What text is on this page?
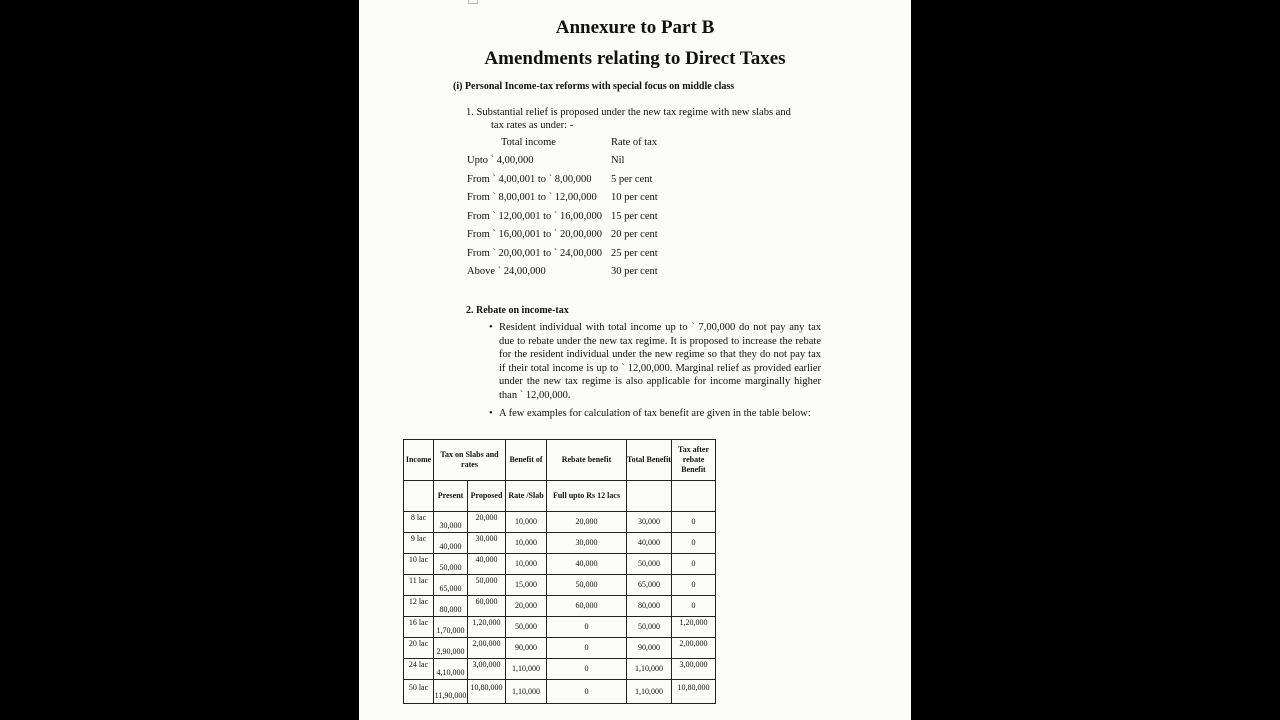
Annexure to Part B
Amendments relating to Direct Taxes
(i) Personal Income-tax reforms with special focus on middle class
1. Substantial relief is proposed under the new tax regime with new slabs and
tax rates as under: -
Total income	Rate of tax
Upto ` 4,00,000	Nil
From ` 4,00,001 to ` 8,00,000 5 per cent
From ` 8,00,001 to ` 12,00,000 10 per cent
From ` 12,00,001 to ` 16,00,000 15 per cent
From ` 16,00,001 to ` 20,00,000 20 per cent
From ` 20,00,001 to ` 24,00,000 25 per cent
Above ` 24,00,000	30 per cent
2. Rebate on income-tax
• Resident individual with total income up to ` 7,00,000 do not pay any tax due to rebate under the new tax regime. It is proposed to increase the rebate for the resident individual under the new regime so that they do not pay tax if their total income is up to ` 12,00,000. Marginal relief as provided earlier under the new tax regime is also applicable for income marginally higher than ` 12,00,000.
• A few examples for calculation of tax benefit are given in the table below:
Income	Tax on Slabs and rates		Benefit of	Rebate benefit	Total Benefit	Tax after rebate Benefit
	Present	Proposed	Rate /Slab	Full upto Rs 12 lacs		
8 lac	30,000	20,000	10,000	20,000	30,000	0
9 lac	40,000	30,000	10,000	30,000	40,000	0
10 lac	50,000	40,000	10,000	40,000	50,000	0
11 lac	65,000	50,000	15,000	50,000	65,000	0
12 lac	80,000	60,000	20,000	60,000	80,000	0
16 lac	1,70,000	1,20,000	50,000	0	50,000	1,20,000
20 lac	2,90,000	2,00,000	90,000	0	90,000	2,00,000
24 lac	4,10,000	3,00,000	1,10,000	0	1,10,000	3,00,000
50 lac	11,90,000	10,80,000	1,10,000	0	1,10,000	10,80,000
